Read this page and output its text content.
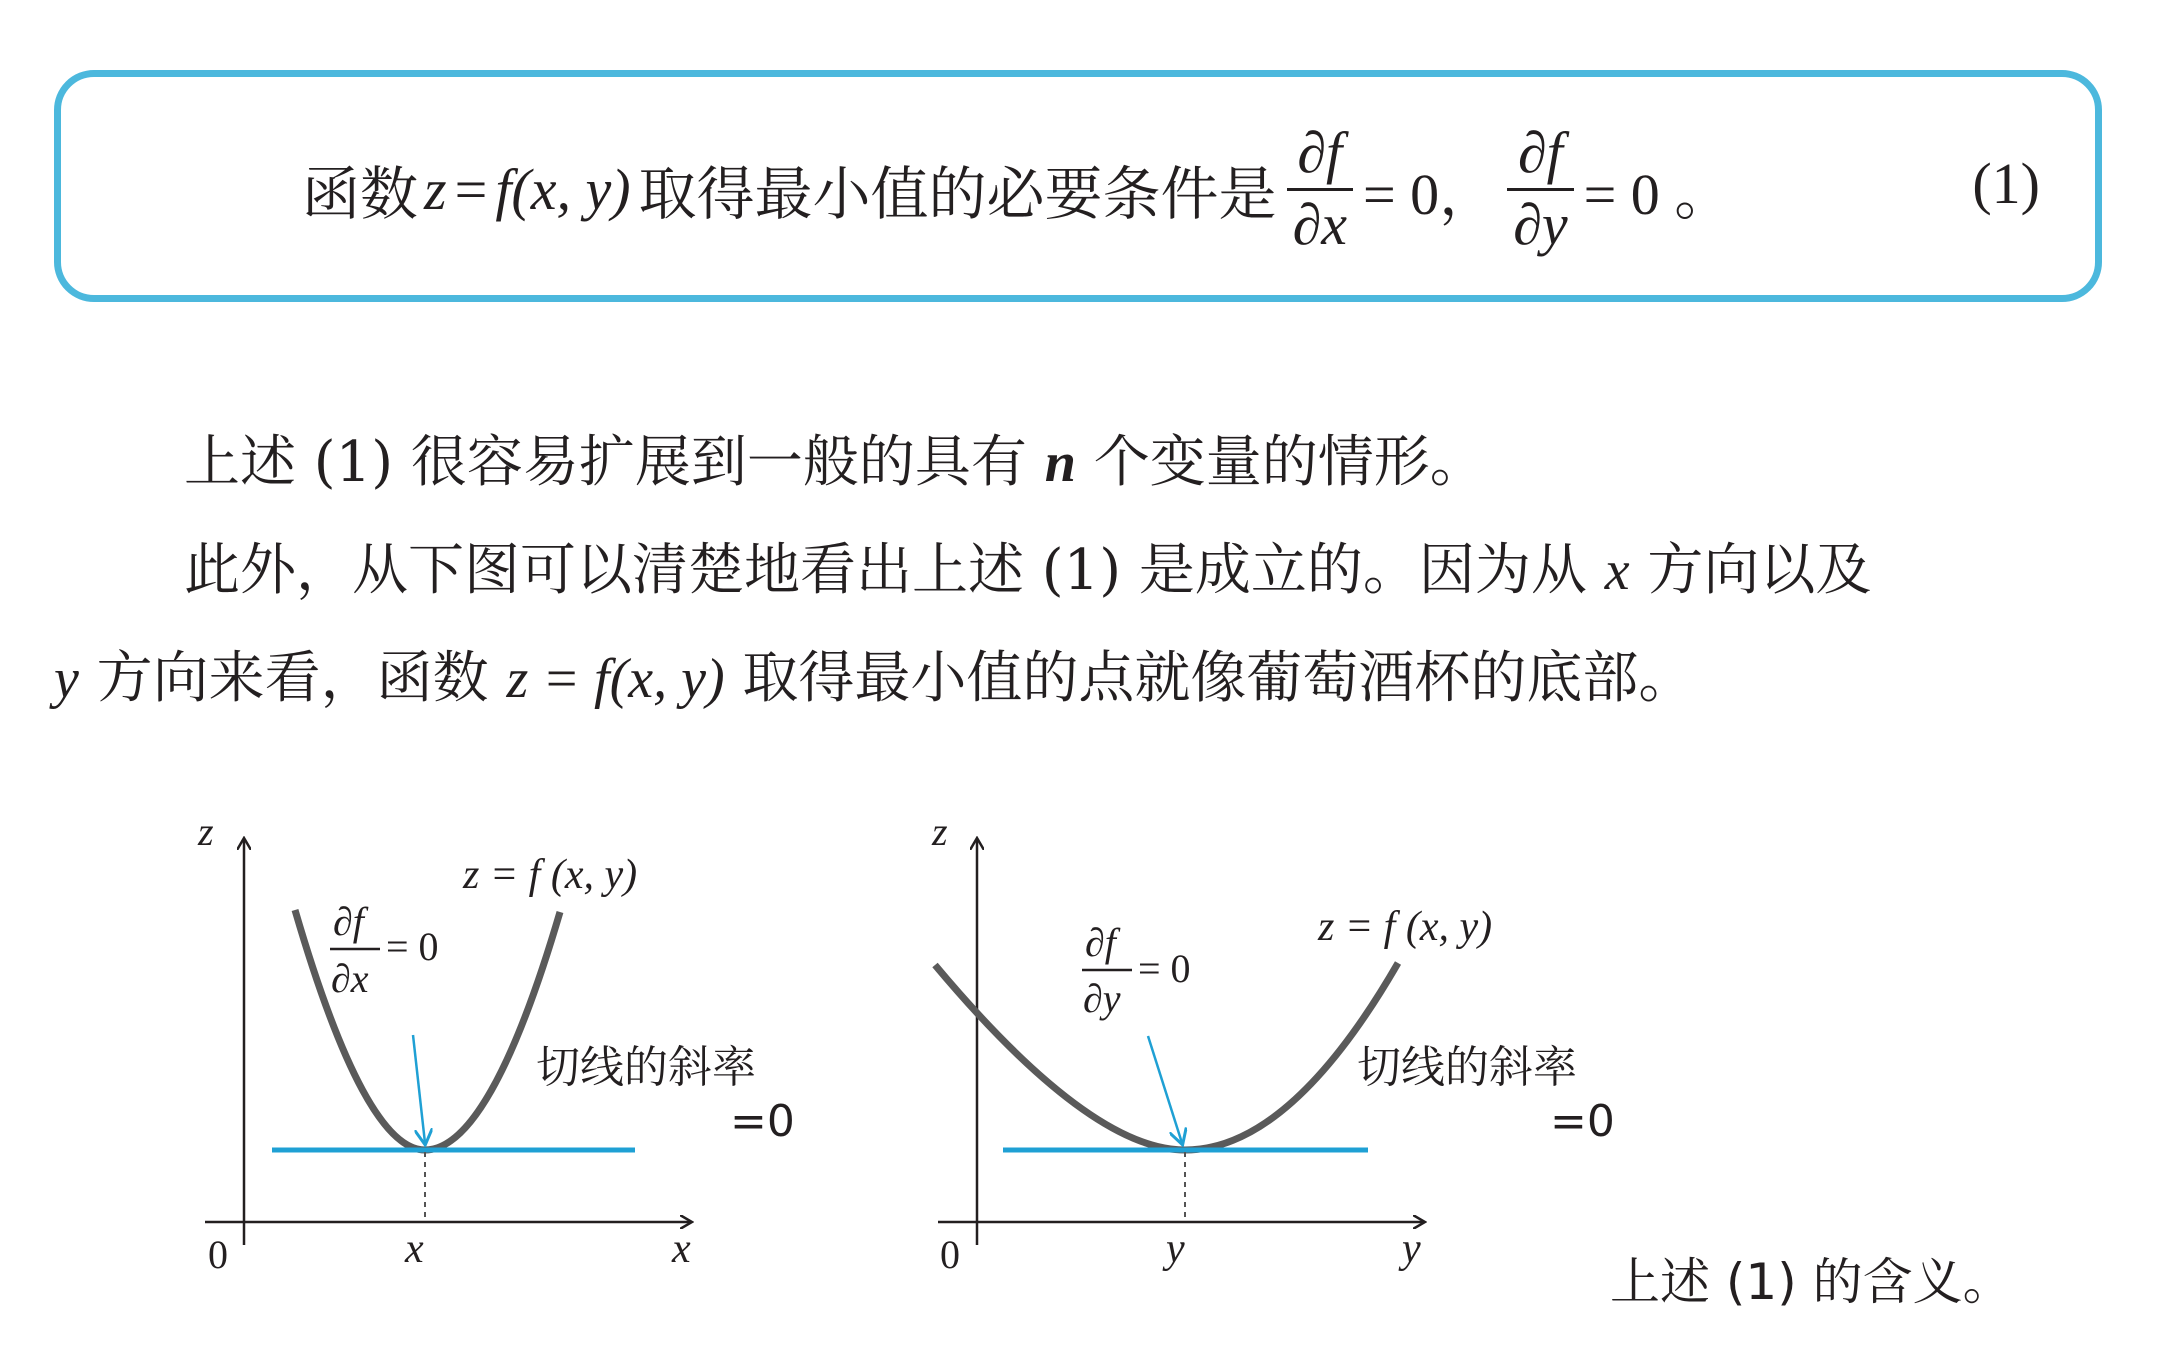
函数 z = f(x, y) 取得最小值的必要条件是 $\frac{\partial f}{\partial x} = 0$， $\frac{\partial f}{\partial y} = 0$ 。	(1)
上述 (1) 很容易扩展到一般的具有 n 个变量的情形。
此外，从下图可以清楚地看出上述 (1) 是成立的。因为从 x 方向以及
y 方向来看，函数 z = f(x, y) 取得最小值的点就像葡萄酒杯的底部。
z
0	x	x
z = f (x, y)
∂f
∂x
= 0
切线的斜率
=0
z
0	y	y
z = f (x, y)
∂f
∂y
= 0
切线的斜率
=0
上述 (1) 的含义。
